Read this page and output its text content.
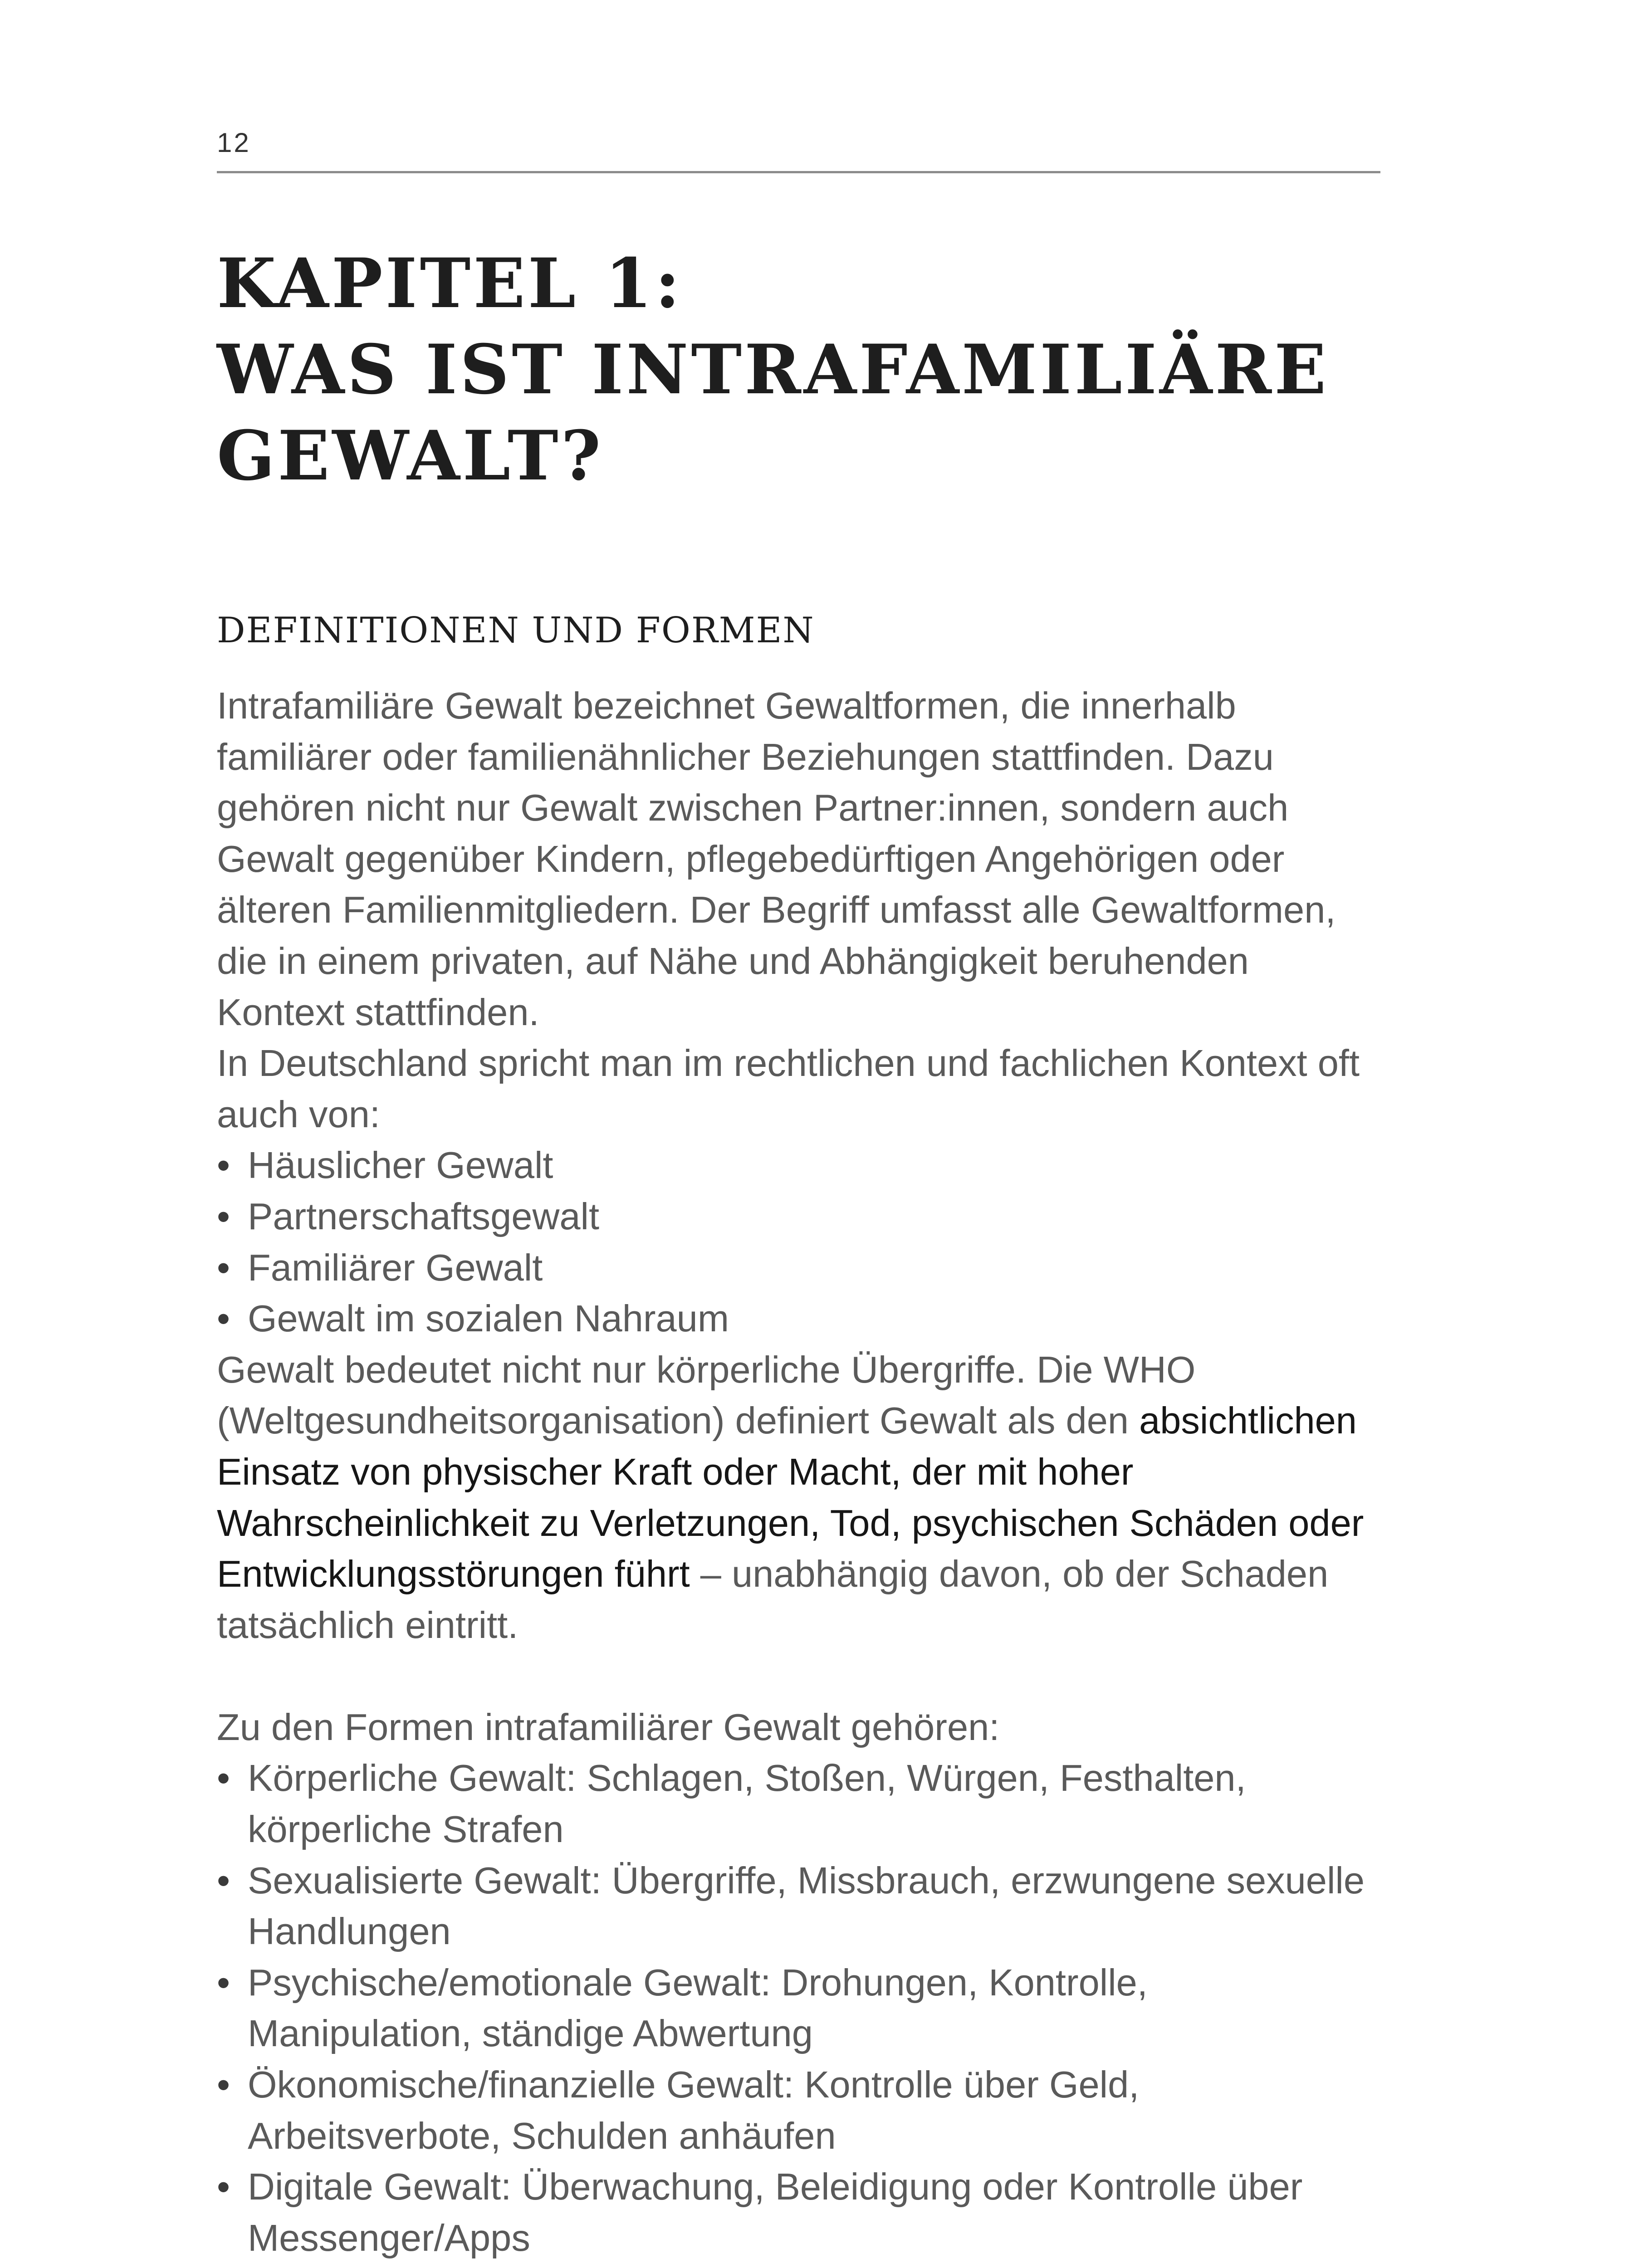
12
KAPITEL 1:
WAS IST INTRAFAMILIÄRE
GEWALT?
DEFINITIONEN UND FORMEN

Intrafamiliäre Gewalt bezeichnet Gewaltformen, die innerhalb familiärer oder familienähnlicher Beziehungen stattfinden. Dazu gehören nicht nur Gewalt zwischen Partner:innen, sondern auch Gewalt gegenüber Kindern, pflegebedürftigen Angehörigen oder älteren Familienmitgliedern. Der Begriff umfasst alle Gewaltformen, die in einem privaten, auf Nähe und Abhängigkeit beruhenden Kontext stattfinden.

In Deutschland spricht man im rechtlichen und fachlichen Kontext oft auch von:

• Häuslicher Gewalt
• Partnerschaftsgewalt
• Familiärer Gewalt
• Gewalt im sozialen Nahraum

Gewalt bedeutet nicht nur körperliche Übergriffe. Die WHO (Weltgesundheitsorganisation) definiert Gewalt als den absichtlichen Einsatz von physischer Kraft oder Macht, der mit hoher Wahrscheinlichkeit zu Verletzungen, Tod, psychischen Schäden oder Entwicklungsstörungen führt – unabhängig davon, ob der Schaden tatsächlich eintritt.

Zu den Formen intrafamiliärer Gewalt gehören:

• Körperliche Gewalt: Schlagen, Stoßen, Würgen, Festhalten, körperliche Strafen
• Sexualisierte Gewalt: Übergriffe, Missbrauch, erzwungene sexuelle Handlungen
• Psychische/emotionale Gewalt: Drohungen, Kontrolle, Manipulation, ständige Abwertung
• Ökonomische/finanzielle Gewalt: Kontrolle über Geld, Arbeitsverbote, Schulden anhäufen
• Digitale Gewalt: Überwachung, Beleidigung oder Kontrolle über Messenger/Apps
